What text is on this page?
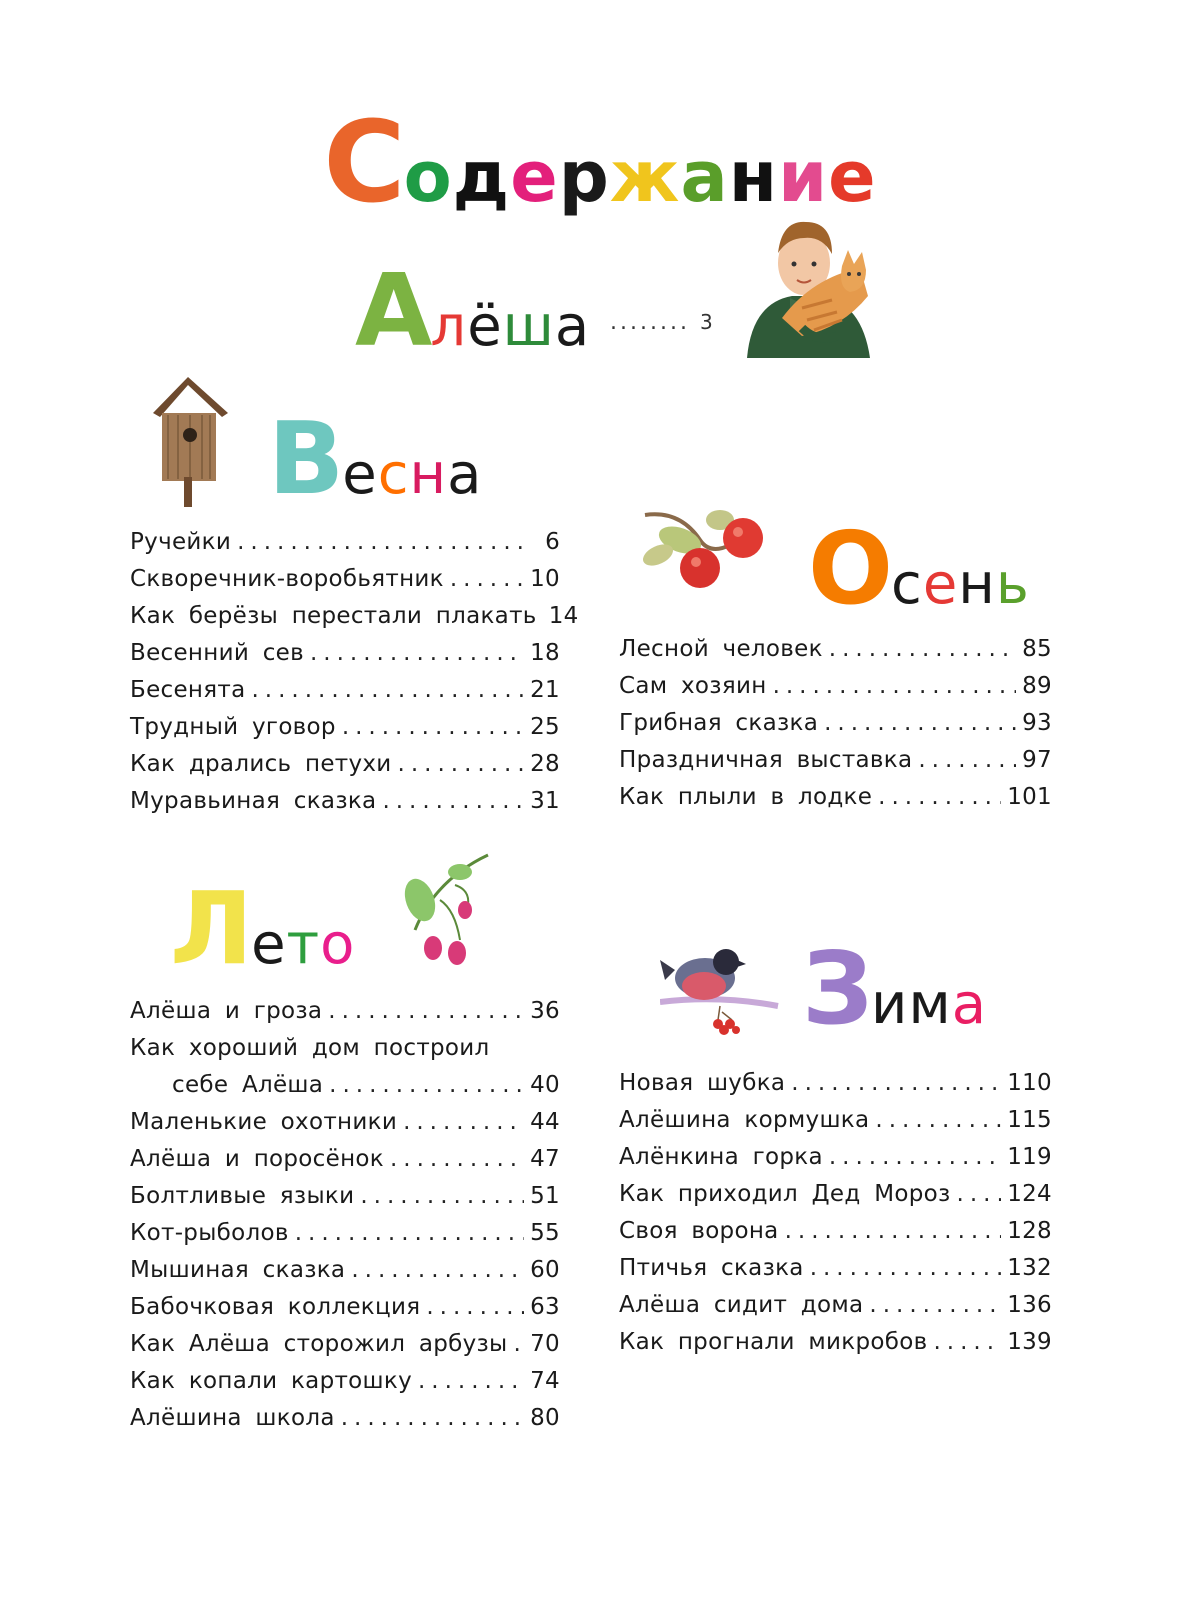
Содержание
Алёша ........ 3
Весна
Осень
Лето	Зима
Ручейки .....	6
Скворечник-воробьятник .....	10
Как берёзы перестали плакать 14
Весенний сев .....	18
Бесенята .....	21
Трудный уговор .....	25
Как дрались петухи .....	28
Муравьиная сказка .....	31
Лесной человек .....	85
Сам хозяин .....	89
Грибная сказка .....	93
Праздничная выставка .....	97
Как плыли в лодке .....	101
Алёша и гроза .....	36
Как хороший дом построил
себе Алёша .....	40
Маленькие охотники .....	44
Алёша и поросёнок .....	47
Болтливые языки .....	51
Кот-рыболов .....	55
Мышиная сказка .....	60
Бабочковая коллекция .....	63
Как Алёша сторожил арбузы ..... 70
Как копали картошку .....	74
Алёшина школа .....	80
Новая шубка .....	110
Алёшина кормушка .....	115
Алёнкина горка .....	119
Как приходил Дед Мороз ..... 124
Своя ворона .....	128
Птичья сказка .....	132
Алёша сидит дома .....	136
Как прогнали микробов .....	139
